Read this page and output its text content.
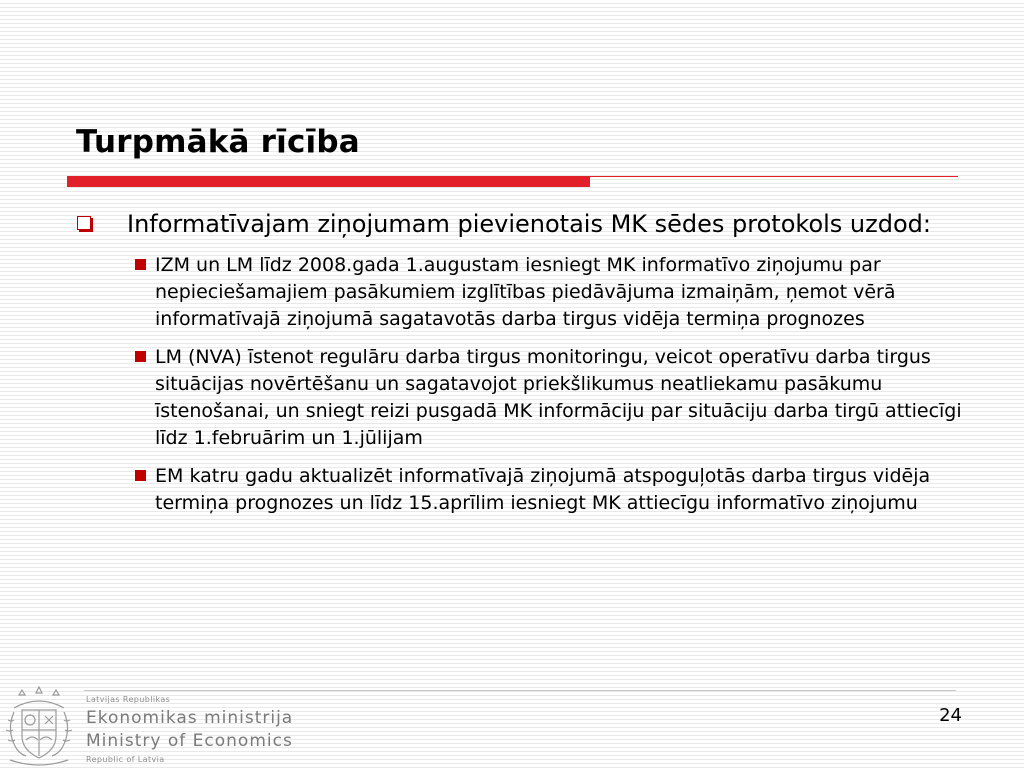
Turpmākā rīcība
Informatīvajam ziņojumam pievienotais MK sēdes protokols uzdod:
IZM un LM līdz 2008.gada 1.augustam iesniegt MK informatīvo ziņojumu par nepieciešamajiem pasākumiem izglītības piedāvājuma izmaiņām, ņemot vērā informatīvajā ziņojumā sagatavotās darba tirgus vidēja termiņa prognozes
LM (NVA) īstenot regulāru darba tirgus monitoringu, veicot operatīvu darba tirgus situācijas novērtēšanu un sagatavojot priekšlikumus neatliekamu pasākumu īstenošanai, un sniegt reizi pusgadā MK informāciju par situāciju darba tirgū attiecīgi līdz 1.februārim un 1.jūlijam
EM katru gadu aktualizēt informatīvajā ziņojumā atspoguļotās darba tirgus vidēja termiņa prognozes un līdz 15.aprīlim iesniegt MK attiecīgu informatīvo ziņojumu
24
Latvijas Republikas
Ekonomikas ministrija
Ministry of Economics
Republic of Latvia
